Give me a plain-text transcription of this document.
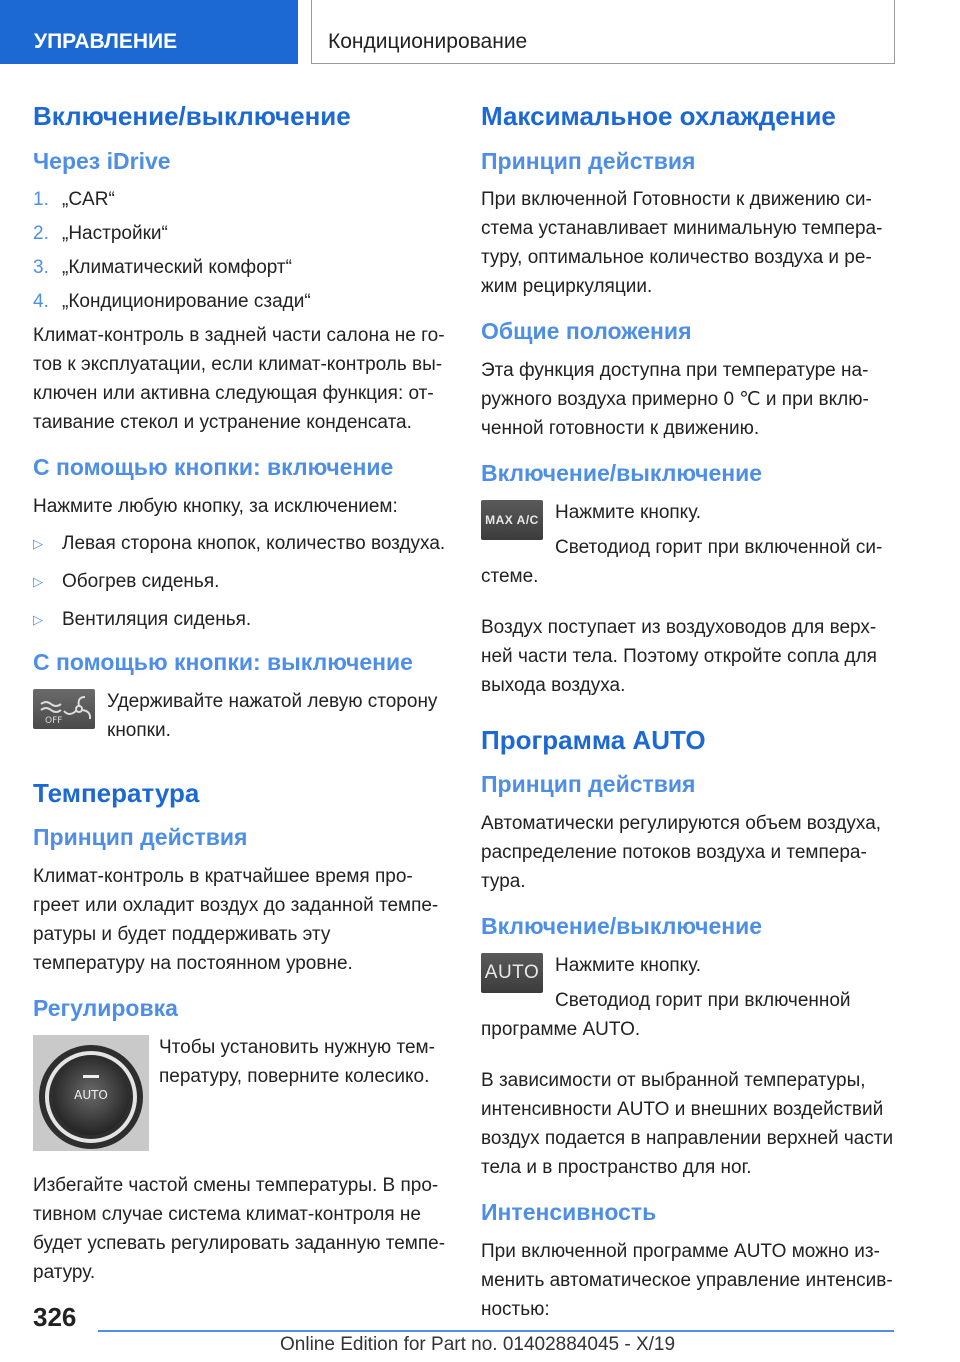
УПРАВЛЕНИЕ	Кондиционирование
Включение/выключение
Через iDrive
1. „CAR“
2. „Настройки“
3. „Климатический комфорт“
4. „Кондиционирование сзади“

Климат-контроль в задней части салона не го-тов к эксплуатации, если климат-контроль вы-ключен или активна следующая функция: от-таивание стекол и устранение конденсата.

С помощью кнопки: включение

Нажмите любую кнопку, за исключением:

▷	Левая сторона кнопок, количество воздуха.
▷	Обогрев сиденья.
▷	Вентиляция сиденья.
С помощью кнопки: выключение
OFF

Удерживайте нажатой левую сторону кнопки.

Температура
Принцип действия

Климат-контроль в кратчайшее время про-греет или охладит воздух до заданной темпе-ратуры и будет поддерживать эту температуру на постоянном уровне.

Регулировка
AUTO

Чтобы установить нужную тем-пературу, поверните колесико.

Избегайте частой смены температуры. В про-тивном случае система климат-контроля не будет успевать регулировать заданную темпе-ратуру.

Максимальное охлаждение
Принцип действия

При включенной Готовности к движению си-стема устанавливает минимальную темпера-туру, оптимальное количество воздуха и ре-жим рециркуляции.

Общие положения

Эта функция доступна при температуре на-ружного воздуха примерно 0 ℃ и при вклю-ченной готовности к движению.

Включение/выключение
MAX A/C Нажмите кнопку.

Светодиод горит при включенной си-стеме.

Воздух поступает из воздуховодов для верх-ней части тела. Поэтому откройте сопла для выхода воздуха.

Программа AUTO
Принцип действия

Автоматически регулируются объем воздуха, распределение потоков воздуха и темпера-тура.

Включение/выключение
AUTO Нажмите кнопку.

Светодиод горит при включенной программе AUTO.

В зависимости от выбранной температуры, интенсивности AUTO и внешних воздействий воздух подается в направлении верхней части тела и в пространство для ног.

Интенсивность

При включенной программе AUTO можно из-менить автоматическое управление интенсив-ностью:

326
Online Edition for Part no. 01402884045 - X/19
